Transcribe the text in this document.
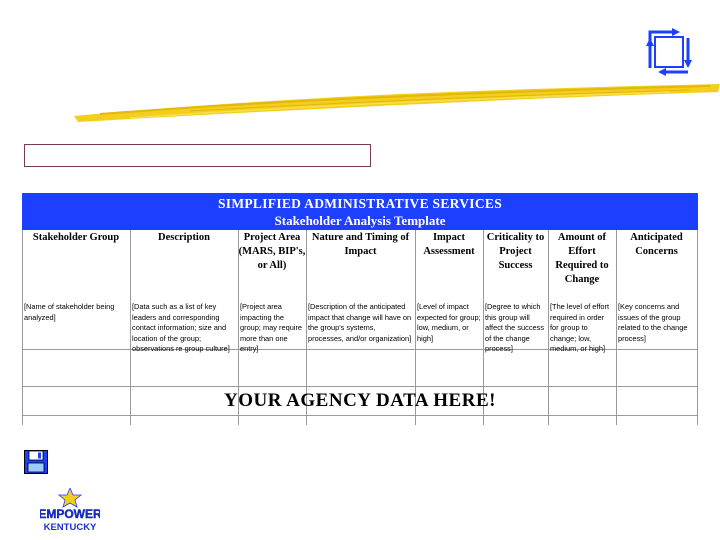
SIMPLIFIED ADMINISTRATIVE SERVICES
Stakeholder Analysis Template
Stakeholder Group	Description	Project Area (MARS, BIP's, or All)
Nature and Timing of Impact
Impact Assessment
Criticality to Project Success
Amount of Effort Required to Change
Anticipated Concerns
[Name of stakeholder being analyzed]
[Data such as a list of key leaders and corresponding contact information; size and location of the group; observations re group culture]
[Project area impacting the group; may require more than one entry]
[Description of the anticipated impact that change will have on the group's systems, processes, and/or organization]
[Level of impact expected for group; low, medium, or high]
[Degree to which this group will affect the success of the change process]
[The level of effort required in order for group to change; low, medium, or high]
[Key concerns and issues of the group related to the change process]
YOUR AGENCY DATA HERE!
EMPOWER
KENTUCKY
